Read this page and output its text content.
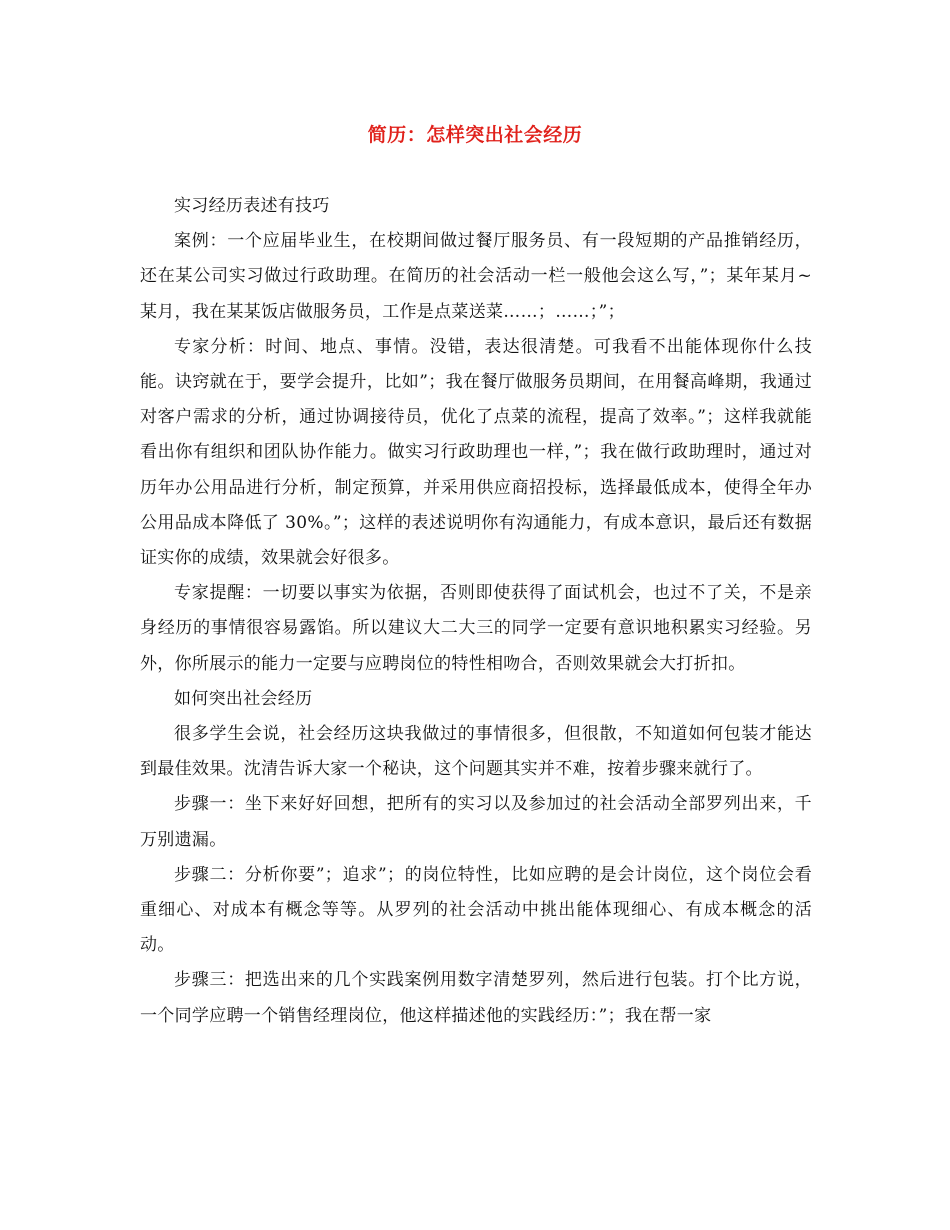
简历：怎样突出社会经历

实习经历表述有技巧

案例：一个应届毕业生，在校期间做过餐厅服务员、有一段短期的产品推销经历，还在某公司实习做过行政助理。在简历的社会活动一栏一般他会这么写，”；某年某月~某月，我在某某饭店做服务员，工作是点菜送菜……；……；”；

专家分析：时间、地点、事情。没错，表达很清楚。可我看不出能体现你什么技能。诀窍就在于，要学会提升，比如”；我在餐厅做服务员期间，在用餐高峰期，我通过对客户需求的分析，通过协调接待员，优化了点菜的流程，提高了效率。”；这样我就能看出你有组织和团队协作能力。做实习行政助理也一样，”；我在做行政助理时，通过对历年办公用品进行分析，制定预算，并采用供应商招投标，选择最低成本，使得全年办公用品成本降低了 30%。”；这样的表述说明你有沟通能力，有成本意识，最后还有数据证实你的成绩，效果就会好很多。

专家提醒：一切要以事实为依据，否则即使获得了面试机会，也过不了关，不是亲身经历的事情很容易露馅。所以建议大二大三的同学一定要有意识地积累实习经验。另外，你所展示的能力一定要与应聘岗位的特性相吻合，否则效果就会大打折扣。

如何突出社会经历

很多学生会说，社会经历这块我做过的事情很多，但很散，不知道如何包装才能达到最佳效果。沈清告诉大家一个秘诀，这个问题其实并不难，按着步骤来就行了。

步骤一：坐下来好好回想，把所有的实习以及参加过的社会活动全部罗列出来，千万别遗漏。

步骤二：分析你要”；追求”；的岗位特性，比如应聘的是会计岗位，这个岗位会看重细心、对成本有概念等等。从罗列的社会活动中挑出能体现细心、有成本概念的活动。

步骤三：把选出来的几个实践案例用数字清楚罗列，然后进行包装。打个比方说，一个同学应聘一个销售经理岗位，他这样描述他的实践经历：”；我在帮一家
